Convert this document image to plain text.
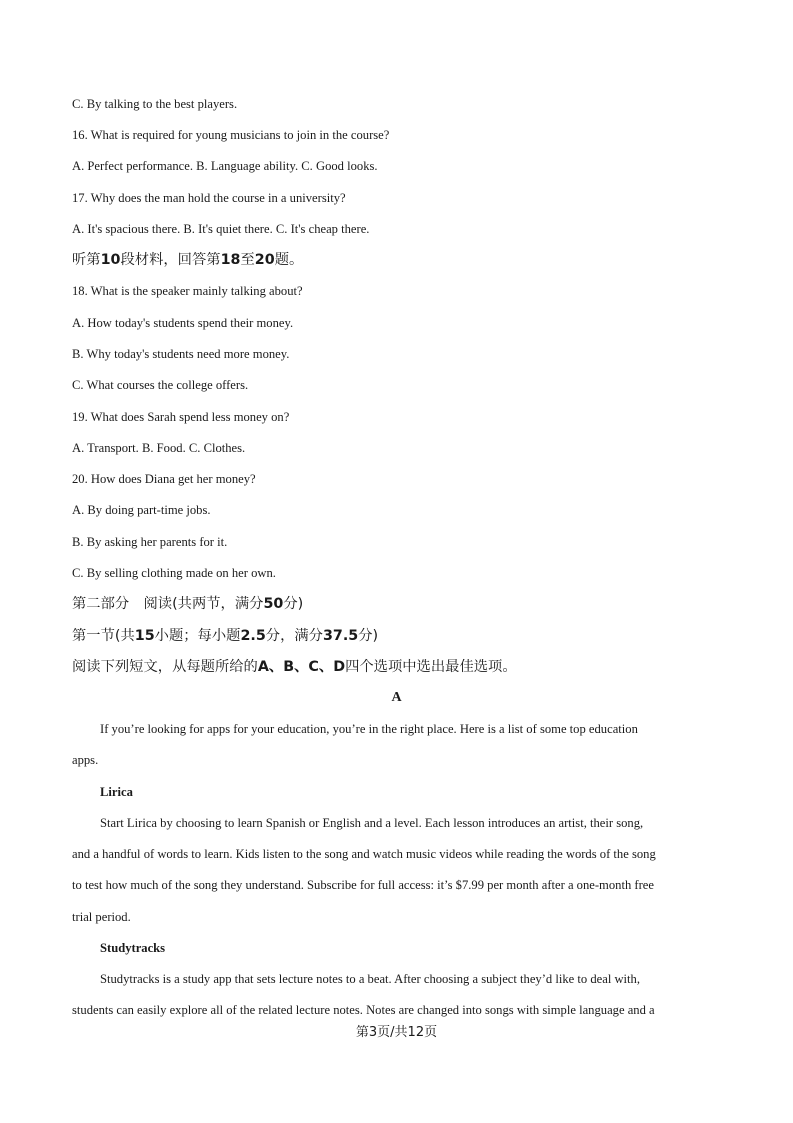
C. By talking to the best players.
16. What is required for young musicians to join in the course?
A. Perfect performance. B. Language ability. C. Good looks.
17. Why does the man hold the course in a university?
A. It's spacious there. B. It's quiet there. C. It's cheap there.
听第10段材料，回答第18至20题。
18. What is the speaker mainly talking about?
A. How today's students spend their money.
B. Why today's students need more money.
C. What courses the college offers.
19. What does Sarah spend less money on?
A. Transport. B. Food. C. Clothes.
20. How does Diana get her money?
A. By doing part-time jobs.
B. By asking her parents for it.
C. By selling clothing made on her own.
第二部分　阅读(共两节，满分50分)
第一节(共15小题；每小题2.5分，满分37.5分)
阅读下列短文，从每题所给的A、B、C、D四个选项中选出最佳选项。
A
If you’re looking for apps for your education, you’re in the right place. Here is a list of some top education
apps.
Lirica
Start Lirica by choosing to learn Spanish or English and a level. Each lesson introduces an artist, their song,
and a handful of words to learn. Kids listen to the song and watch music videos while reading the words of the song
to test how much of the song they understand. Subscribe for full access: it’s $7.99 per month after a one-month free
trial period.
Studytracks
Studytracks is a study app that sets lecture notes to a beat. After choosing a subject they’d like to deal with,
students can easily explore all of the related lecture notes. Notes are changed into songs with simple language and a
第3页/共12页
